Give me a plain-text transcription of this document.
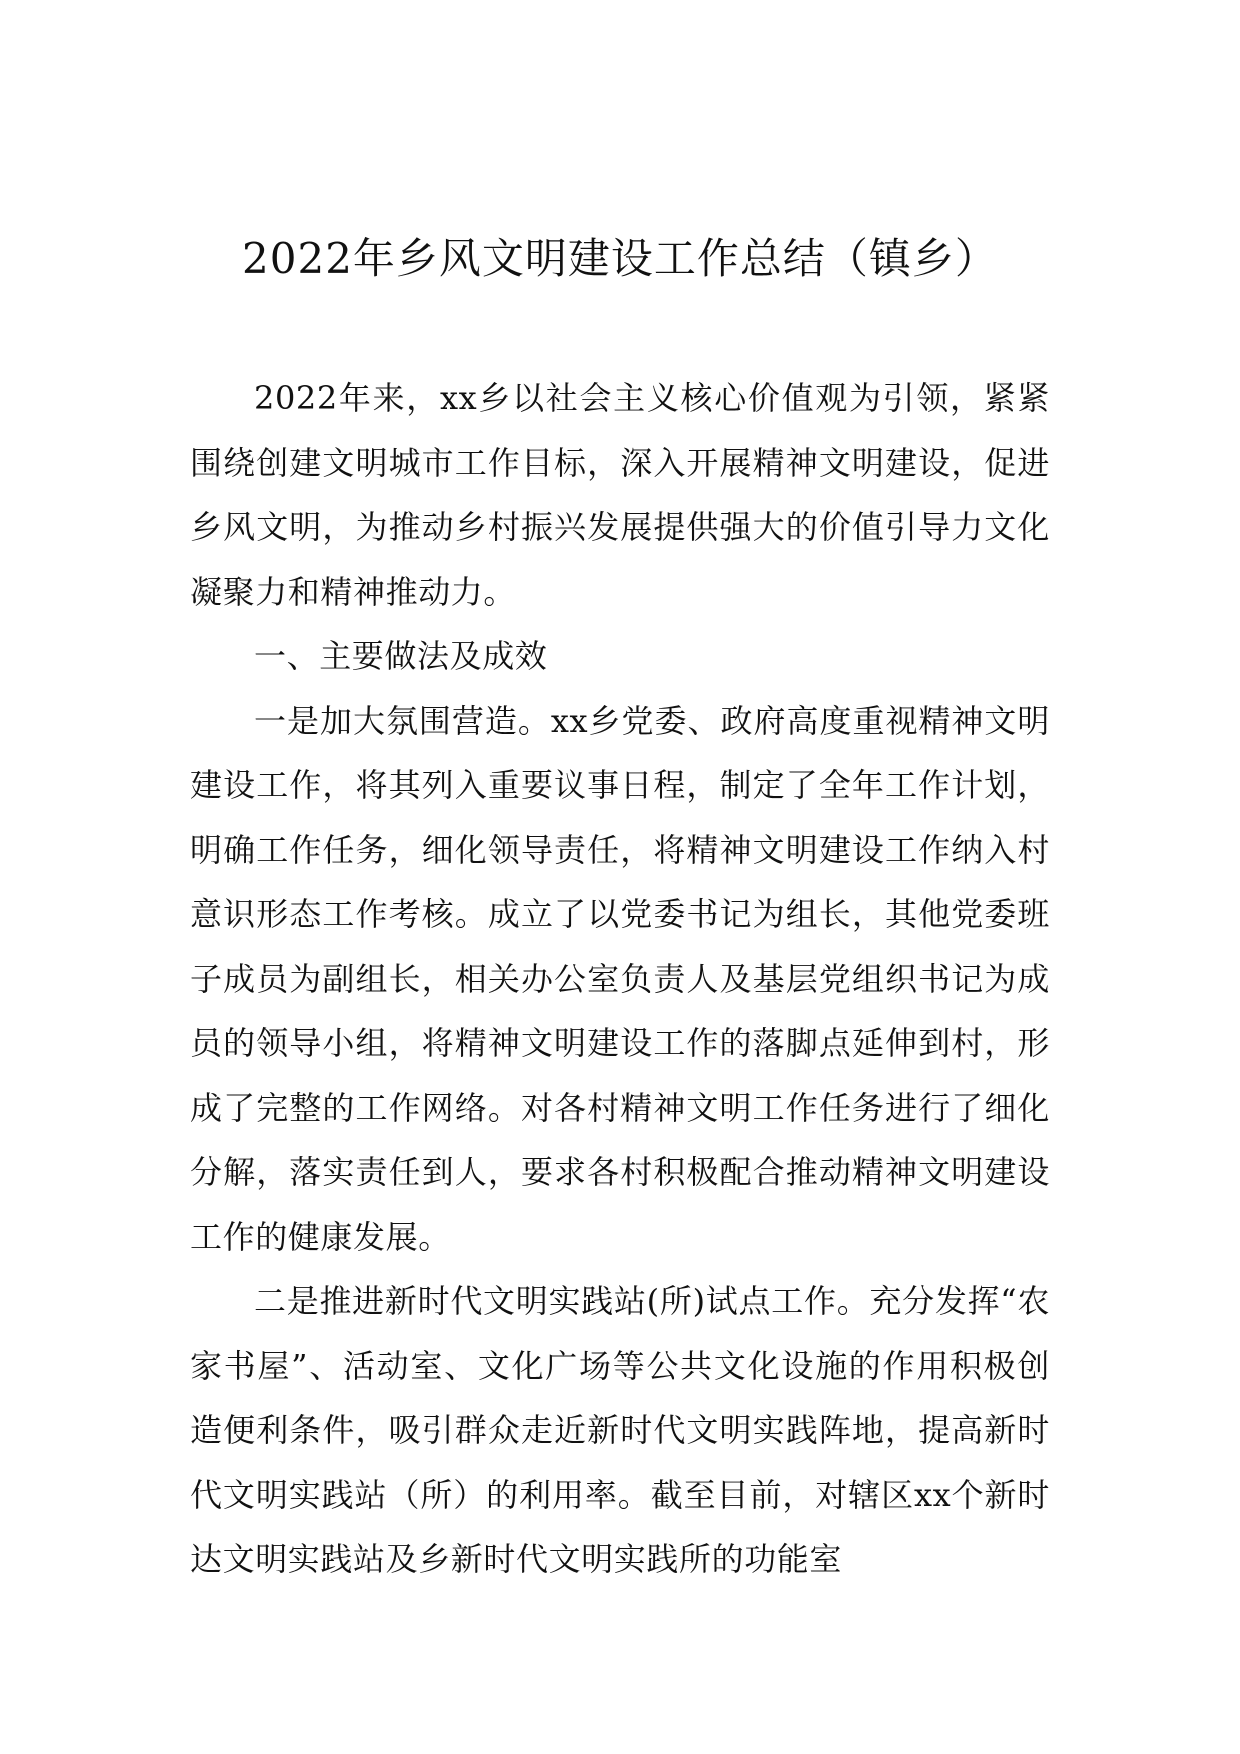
2022年乡风文明建设工作总结（镇乡）

2022年来，xx乡以社会主义核心价值观为引领，紧紧围绕创建文明城市工作目标，深入开展精神文明建设，促进乡风文明，为推动乡村振兴发展提供强大的价值引导力文化凝聚力和精神推动力。

一、主要做法及成效

一是加大氛围营造。xx乡党委、政府高度重视精神文明建设工作，将其列入重要议事日程，制定了全年工作计划，明确工作任务，细化领导责任，将精神文明建设工作纳入村意识形态工作考核。成立了以党委书记为组长，其他党委班子成员为副组长，相关办公室负责人及基层党组织书记为成员的领导小组，将精神文明建设工作的落脚点延伸到村，形成了完整的工作网络。对各村精神文明工作任务进行了细化分解，落实责任到人，要求各村积极配合推动精神文明建设工作的健康发展。

二是推进新时代文明实践站(所)试点工作。充分发挥“农家书屋”、活动室、文化广场等公共文化设施的作用积极创造便利条件，吸引群众走近新时代文明实践阵地，提高新时代文明实践站（所）的利用率。截至目前，对辖区xx个新时达文明实践站及乡新时代文明实践所的功能室
